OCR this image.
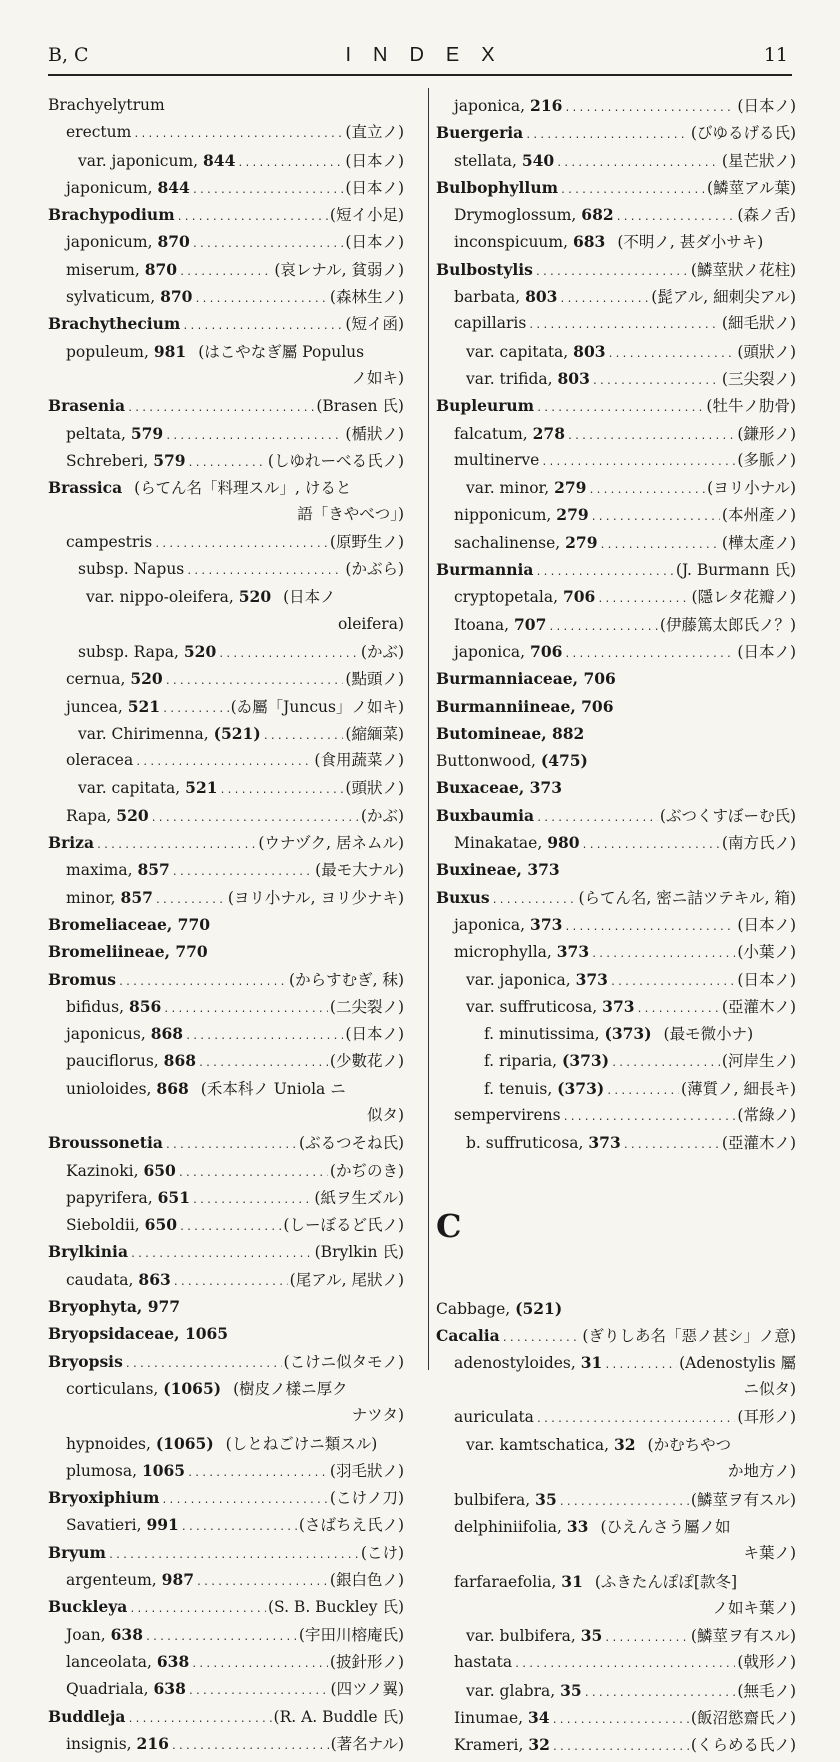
B, C	INDEX	11
Brachyelytrum
erectum .....	(直立ノ)
var. japonicum, 844 .....	(日本ノ)
japonicum, 844 .....	(日本ノ)
Brachypodium .....	(短イ小足)
japonicum, 870 .....	(日本ノ)
miserum, 870 .....	(哀レナル, 貧弱ノ)
sylvaticum, 870 .....	(森林生ノ)
Brachythecium .....	(短イ函)
populeum, 981 (はこやなぎ屬 Populus
ノ如キ)
Brasenia .....	(Brasen 氏)
peltata, 579 .....	(楯狀ノ)
Schreberi, 579 .....	(しゆれーべる氏ノ)
Brassica (らてん名「料理スル」, けると
語「きやべつ」)
campestris .....	(原野生ノ)
subsp. Napus .....	(かぶら)
var. nippo-oleifera, 520 (日本ノ
oleifera)
subsp. Rapa, 520 .....	(かぶ)
cernua, 520 .....	(點頭ノ)
juncea, 521 .....	(ゐ屬「Juncus」ノ如キ)
var. Chirimenna, (521) .....	(縮緬菜)
oleracea .....	(食用蔬菜ノ)
var. capitata, 521 .....	(頭狀ノ)
Rapa, 520 .....	(かぶ)
Briza .....	(ウナヅク, 居ネムル)
maxima, 857 .....	(最モ大ナル)
minor, 857 .....	(ヨリ小ナル, ヨリ少ナキ)
Bromeliaceae, 770
Bromeliineae, 770
Bromus .....	(からすむぎ, 秣)
bifidus, 856 .....	(二尖裂ノ)
japonicus, 868 .....	(日本ノ)
pauciflorus, 868 .....	(少數花ノ)
unioloides, 868 (禾本科ノ Uniola ニ
似タ)
Broussonetia .....	(ぶるつそね氏)
Kazinoki, 650 .....	(かぢのき)
papyrifera, 651 .....	(紙ヲ生ズル)
Sieboldii, 650 .....	(しーぼるど氏ノ)
Brylkinia .....	(Brylkin 氏)
caudata, 863 .....	(尾アル, 尾狀ノ)
Bryophyta, 977
Bryopsidaceae, 1065
Bryopsis .....	(こけニ似タモノ)
corticulans, (1065) (樹皮ノ樣ニ厚ク
ナツタ)
hypnoides, (1065) (しとねごけニ類スル)
plumosa, 1065 .....	(羽毛狀ノ)
Bryoxiphium .....	(こけノ刀)
Savatieri, 991 .....	(さばちえ氏ノ)
Bryum .....	(こけ)
argenteum, 987 .....	(銀白色ノ)
Buckleya .....	(S. B. Buckley 氏)
Joan, 638 .....	(宇田川榕庵氏)
lanceolata, 638 .....	(披針形ノ)
Quadriala, 638 .....	(四ツノ翼)
Buddleja .....	(R. A. Buddle 氏)
insignis, 216 .....	(著名ナル)
japonica, 216 .....	(日本ノ)
Buergeria .....	(びゆるげる氏)
stellata, 540 .....	(星芒狀ノ)
Bulbophyllum .....	(鱗莖アル葉)
Drymoglossum, 682 .....	(森ノ舌)
inconspicuum, 683 (不明ノ, 甚ダ小サキ)
Bulbostylis .....	(鱗莖狀ノ花柱)
barbata, 803 .....	(髭アル, 細刺尖アル)
capillaris .....	(細毛狀ノ)
var. capitata, 803 .....	(頭狀ノ)
var. trifida, 803 .....	(三尖裂ノ)
Bupleurum .....	(牡牛ノ肋骨)
falcatum, 278 .....	(鎌形ノ)
multinerve .....	(多脈ノ)
var. minor, 279 .....	(ヨリ小ナル)
nipponicum, 279 .....	(本州產ノ)
sachalinense, 279 .....	(樺太產ノ)
Burmannia .....	(J. Burmann 氏)
cryptopetala, 706 .....	(隱レタ花瓣ノ)
Itoana, 707 .....	(伊藤篤太郎氏ノ？)
japonica, 706 .....	(日本ノ)
Burmanniaceae, 706
Burmanniineae, 706
Butomineae, 882
Buttonwood, (475)
Buxaceae, 373
Buxbaumia .....	(ぶつくすぼーむ氏)
Minakatae, 980 .....	(南方氏ノ)
Buxineae, 373
Buxus .....	(らてん名, 密ニ詰ツテキル, 箱)
japonica, 373 .....	(日本ノ)
microphylla, 373 .....	(小葉ノ)
var. japonica, 373 .....	(日本ノ)
var. suffruticosa, 373 .....	(亞灌木ノ)
f. minutissima, (373) (最モ微小ナ)
f. riparia, (373) .....	(河岸生ノ)
f. tenuis, (373) .....	(薄質ノ, 細長キ)
sempervirens .....	(常綠ノ)
b. suffruticosa, 373 .....	(亞灌木ノ)
C
Cabbage, (521)
Cacalia .....	(ぎりしあ名「惡ノ甚シ」ノ意)
adenostyloides, 31 .....	(Adenostylis 屬
ニ似タ)
auriculata .....	(耳形ノ)
var. kamtschatica, 32 (かむちやつ
か地方ノ)
bulbifera, 35 .....	(鱗莖ヲ有スル)
delphiniifolia, 33 (ひえんさう屬ノ如
キ葉ノ)
farfaraefolia, 31 (ふきたんぽぽ[款冬]
ノ如キ葉ノ)
var. bulbifera, 35 .....	(鱗莖ヲ有スル)
hastata .....	(戟形ノ)
var. glabra, 35 .....	(無毛ノ)
Iinumae, 34 .....	(飯沼慾齋氏ノ)
Krameri, 32 .....	(くらめる氏ノ)
